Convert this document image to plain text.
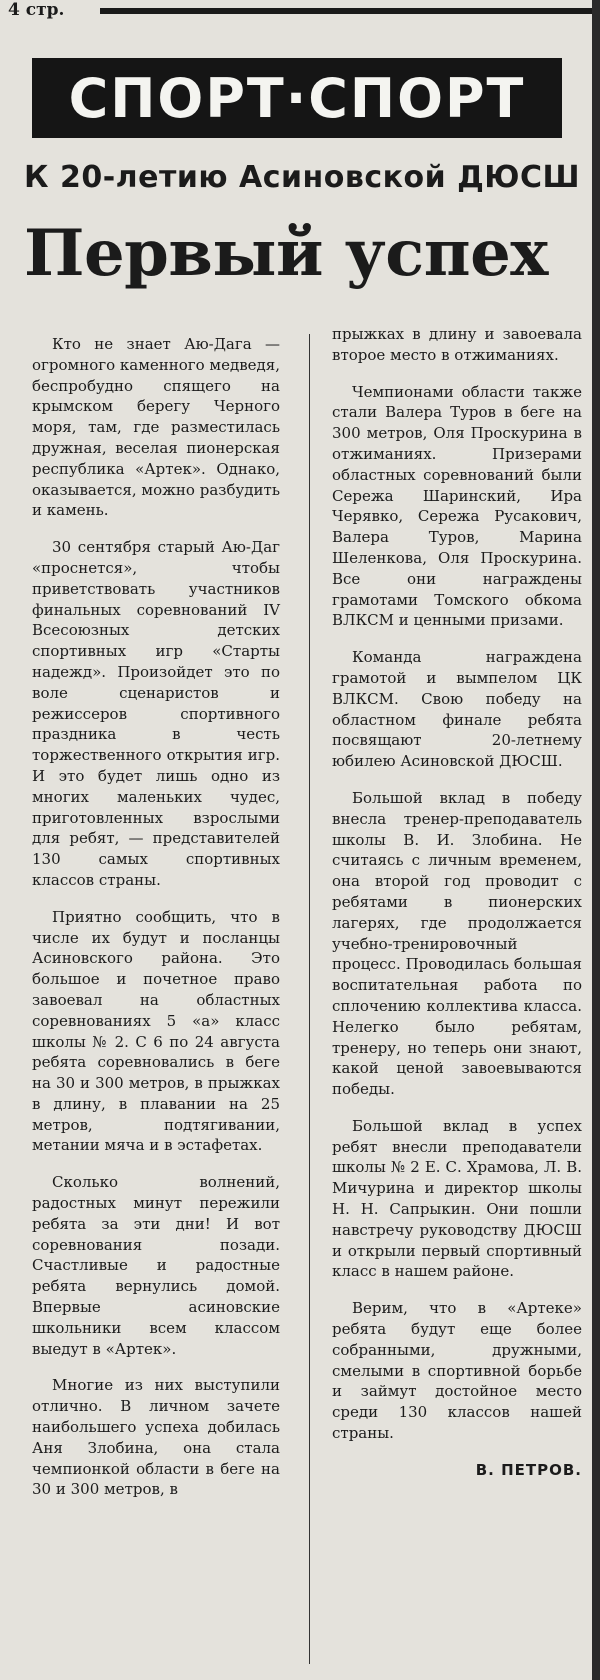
4 стр.
СПОРТ·СПОРТ
К 20-летию Асиновской ДЮСШ
Первый успех

Кто не знает Аю-Дага — огромного каменного медведя, беспробудно спящего на крымском берегу Черного моря, там, где разместилась дружная, веселая пионерская республика «Артек». Однако, оказывается, можно разбудить и камень.

30 сентября старый Аю-Даг «проснется», чтобы приветствовать участников финальных соревнований IV Всесоюзных детских спортивных игр «Старты надежд». Произойдет это по воле сценаристов и режиссеров спортивного праздника в честь торжественного открытия игр. И это будет лишь одно из многих маленьких чудес, приготовленных взрослыми для ребят, — представителей 130 самых спортивных классов страны.

Приятно сообщить, что в числе их будут и посланцы Асиновского района. Это большое и почетное право завоевал на областных соревнованиях 5 «а» класс школы № 2. С 6 по 24 августа ребята соревновались в беге на 30 и 300 метров, в прыжках в длину, в плавании на 25 метров, подтягивании, метании мяча и в эстафетах.

Сколько волнений, радостных минут пережили ребята за эти дни! И вот соревнования позади. Счастливые и радостные ребята вернулись домой. Впервые асиновские школьники всем классом выедут в «Артек».

Многие из них выступили отлично. В личном зачете наибольшего успеха добилась Аня Злобина, она стала чемпионкой области в беге на 30 и 300 метров, в

прыжках в длину и завоевала второе место в отжиманиях.

Чемпионами области также стали Валера Туров в беге на 300 метров, Оля Проскурина в отжиманиях. Призерами областных соревнований были Сережа Шаринский, Ира Черявко, Сережа Русакович, Валера Туров, Марина Шеленкова, Оля Проскурина. Все они награждены грамотами Томского обкома ВЛКСМ и ценными призами.

Команда награждена грамотой и вымпелом ЦК ВЛКСМ. Свою победу на областном финале ребята посвящают 20-летнему юбилею Асиновской ДЮСШ.

Большой вклад в победу внесла тренер-преподаватель школы В. И. Злобина. Не считаясь с личным временем, она второй год проводит с ребятами в пионерских лагерях, где продолжается учебно-тренировочный процесс. Проводилась большая воспитательная работа по сплочению коллектива класса. Нелегко было ребятам, тренеру, но теперь они знают, какой ценой завоевываются победы.

Большой вклад в успех ребят внесли преподаватели школы № 2 Е. С. Храмова, Л. В. Мичурина и директор школы Н. Н. Сапрыкин. Они пошли навстречу руководству ДЮСШ и открыли первый спортивный класс в нашем районе.

Верим, что в «Артеке» ребята будут еще более собранными, дружными, смелыми в спортивной борьбе и займут достойное место среди 130 классов нашей страны.

В. ПЕТРОВ.
